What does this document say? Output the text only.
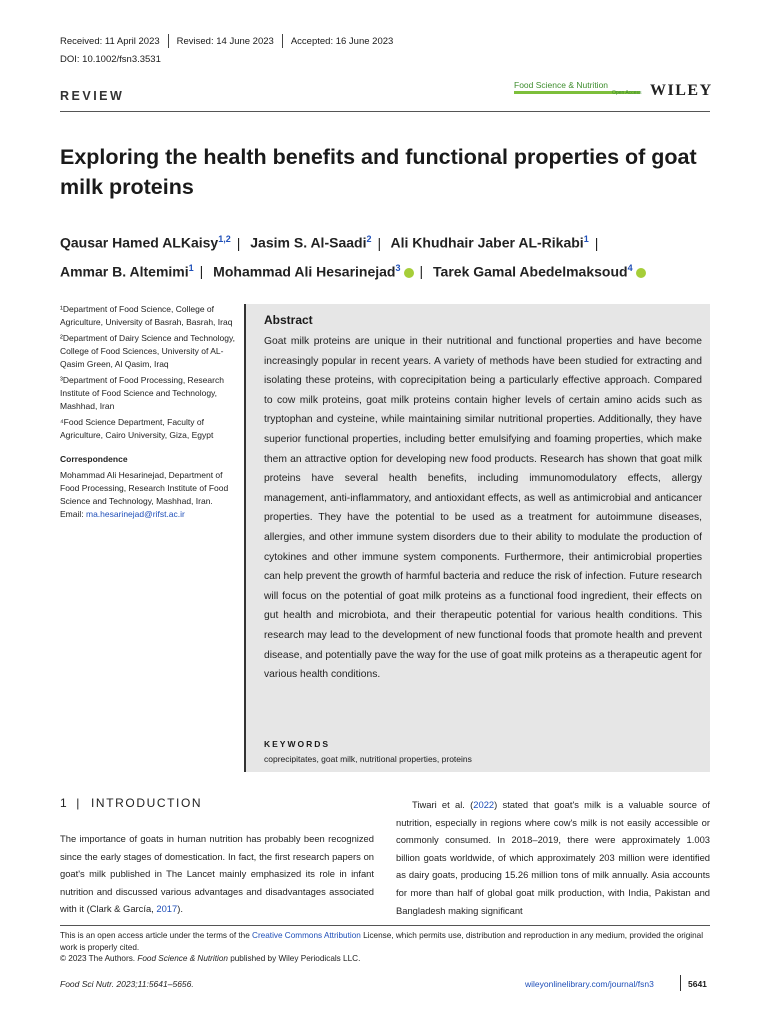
Received: 11 April 2023 Revised: 14 June 2023 Accepted: 16 June 2023
DOI: 10.1002/fsn3.3531
REVIEW
Food Science & Nutrition
Open Access WILEY
Exploring the health benefits and functional properties of goat milk proteins
Qausar Hamed ALKaisy$^{1,2}$ | Jasim S. Al-Saadi$^2$ | Ali Khudhair Jaber AL-Rikabi$^1$ |
Ammar B. Altemimi$^1$ | Mohammad Ali Hesarinejad$^3$ | Tarek Gamal Abedelmaksoud$^4$

¹Department of Food Science, College of Agriculture, University of Basrah, Basrah, Iraq

²Department of Dairy Science and Technology, College of Food Sciences, University of AL-Qasim Green, Al Qasim, Iraq

³Department of Food Processing, Research Institute of Food Science and Technology, Mashhad, Iran

⁴Food Science Department, Faculty of Agriculture, Cairo University, Giza, Egypt

Correspondence

Mohammad Ali Hesarinejad, Department of Food Processing, Research Institute of Food Science and Technology, Mashhad, Iran.
Email: ma.hesarinejad@rifst.ac.ir

Abstract
Goat milk proteins are unique in their nutritional and functional properties and have become increasingly popular in recent years. A variety of methods have been studied for extracting and isolating these proteins, with coprecipitation being a particularly effective approach. Compared to cow milk proteins, goat milk proteins contain higher levels of certain amino acids such as tryptophan and cysteine, while maintaining similar nutritional properties. Additionally, they have superior functional properties, including better emulsifying and foaming properties, which make them an attractive option for developing new food products. Research has shown that goat milk proteins have several health benefits, including immunomodulatory effects, allergy management, anti-inflammatory, and antioxidant effects, as well as antimicrobial and anticancer properties. They have the potential to be used as a treatment for autoimmune diseases, allergies, and other immune system disorders due to their ability to modulate the production of cytokines and other immune system components. Furthermore, their antimicrobial properties can help prevent the growth of harmful bacteria and reduce the risk of infection. Future research will focus on the potential of goat milk proteins as a functional food ingredient, their effects on gut health and microbiota, and their therapeutic potential for various health conditions. This research may lead to the development of new functional foods that promote health and prevent disease, and potentially pave the way for the use of goat milk proteins as a therapeutic agent for various health conditions.
KEYWORDS
coprecipitates, goat milk, nutritional properties, proteins
1 | INTRODUCTION
The importance of goats in human nutrition has probably been recognized since the early stages of domestication. In fact, the first research papers on goat's milk published in The Lancet mainly emphasized its role in infant nutrition and discussed various advantages and disadvantages associated with it (Clark & García, 2017).
Tiwari et al. (2022) stated that goat's milk is a valuable source of nutrition, especially in regions where cow's milk is not easily accessible or commonly consumed. In 2018–2019, there were approximately 1.003 billion goats worldwide, of which approximately 203 million were identified as dairy goats, producing 15.26 million tons of milk annually. Asia accounts for more than half of global goat milk production, with India, Pakistan and Bangladesh making significant
This is an open access article under the terms of the Creative Commons Attribution License, which permits use, distribution and reproduction in any medium, provided the original work is properly cited.
© 2023 The Authors. Food Science & Nutrition published by Wiley Periodicals LLC.
Food Sci Nutr. 2023;11:5641–5656.	wileyonlinelibrary.com/journal/fsn3	5641
